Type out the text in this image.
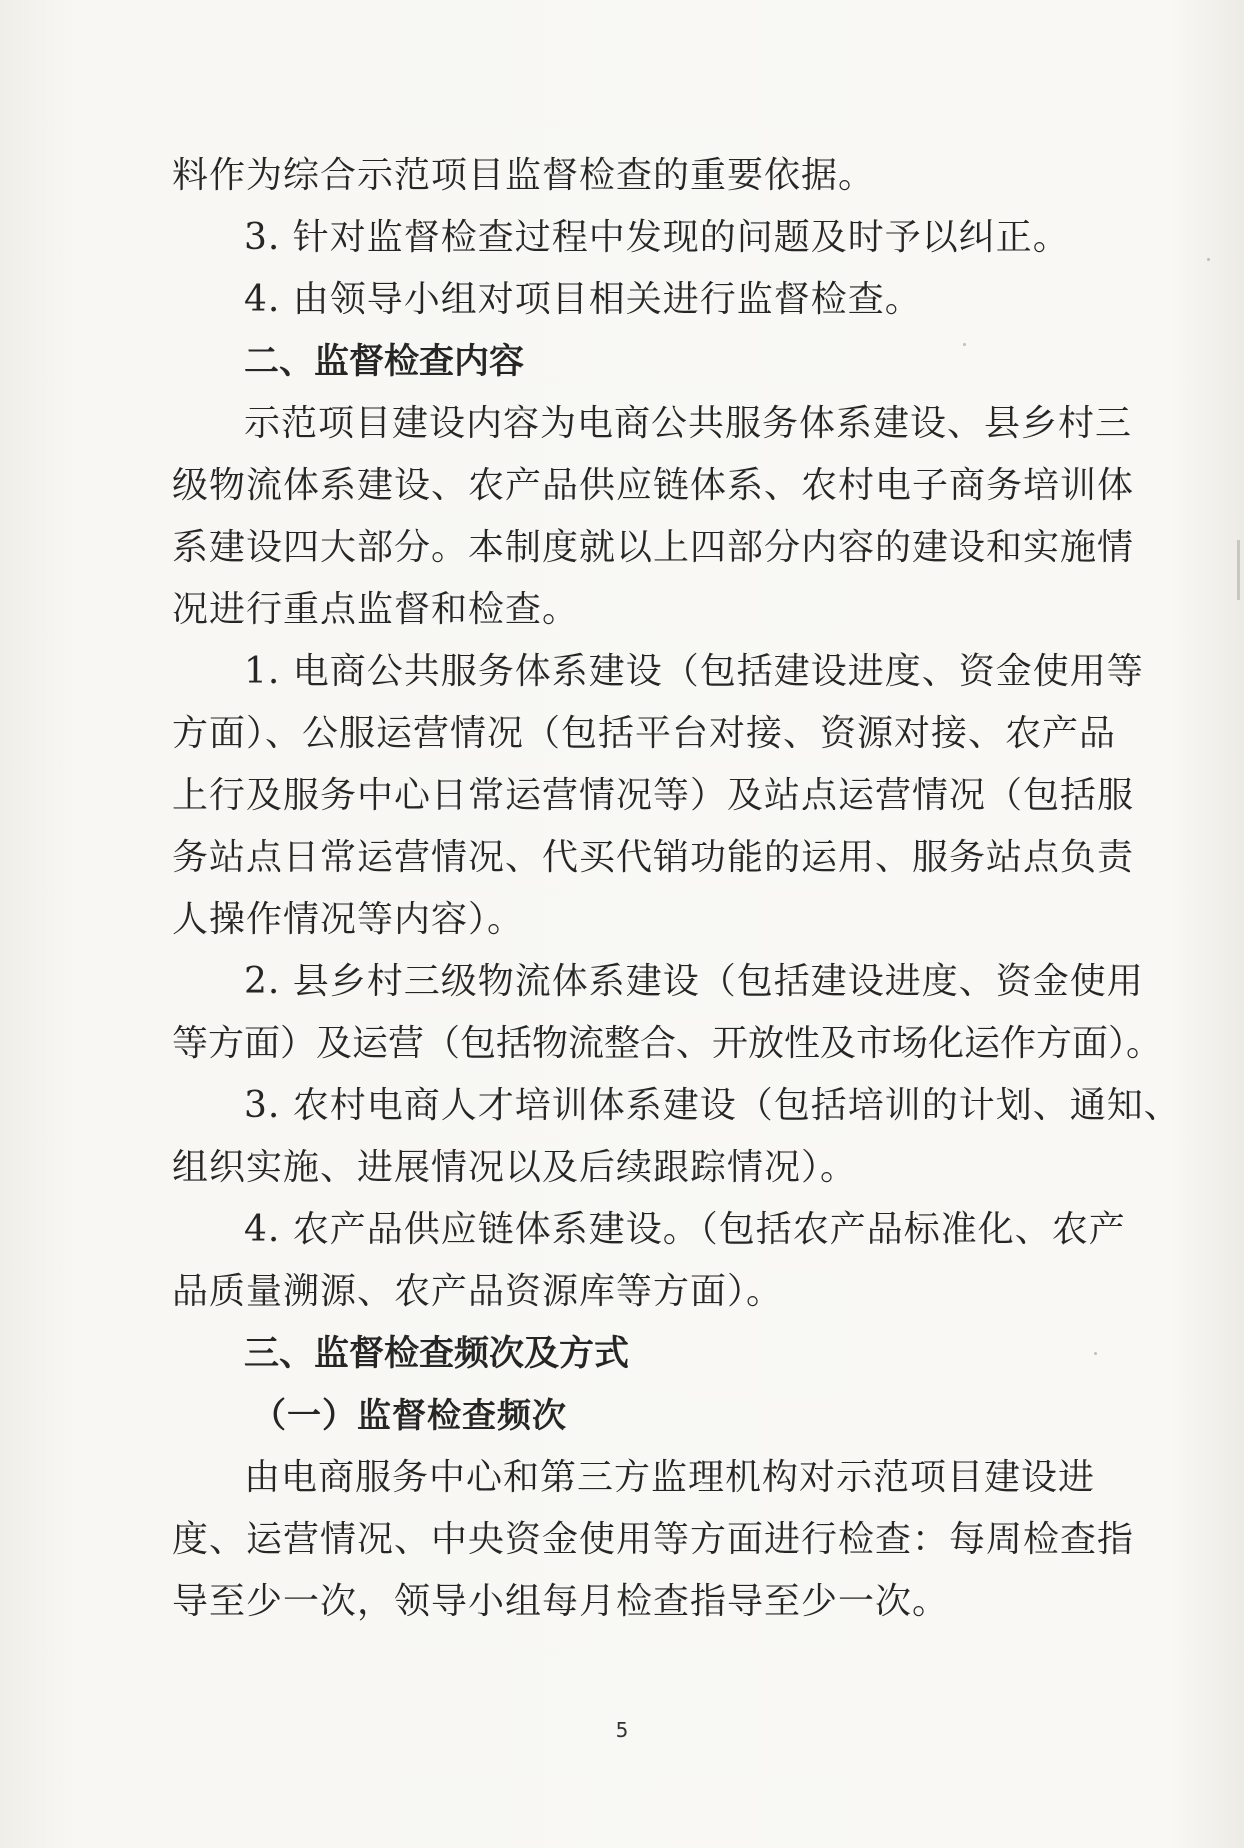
料作为综合示范项目监督检查的重要依据。
3. 针对监督检查过程中发现的问题及时予以纠正。
4. 由领导小组对项目相关进行监督检查。
二、监督检查内容
示范项目建设内容为电商公共服务体系建设、县乡村三
级物流体系建设、农产品供应链体系、农村电子商务培训体
系建设四大部分。本制度就以上四部分内容的建设和实施情
况进行重点监督和检查。
1. 电商公共服务体系建设（包括建设进度、资金使用等
方面）、公服运营情况（包括平台对接、资源对接、农产品
上行及服务中心日常运营情况等）及站点运营情况（包括服
务站点日常运营情况、代买代销功能的运用、服务站点负责
人操作情况等内容）。
2. 县乡村三级物流体系建设（包括建设进度、资金使用
等方面）及运营（包括物流整合、开放性及市场化运作方面）。
3. 农村电商人才培训体系建设（包括培训的计划、通知、
组织实施、进展情况以及后续跟踪情况）。
4. 农产品供应链体系建设。（包括农产品标准化、农产
品质量溯源、农产品资源库等方面）。
三、监督检查频次及方式
（一）监督检查频次
由电商服务中心和第三方监理机构对示范项目建设进
度、运营情况、中央资金使用等方面进行检查：每周检查指
导至少一次，领导小组每月检查指导至少一次。
5
